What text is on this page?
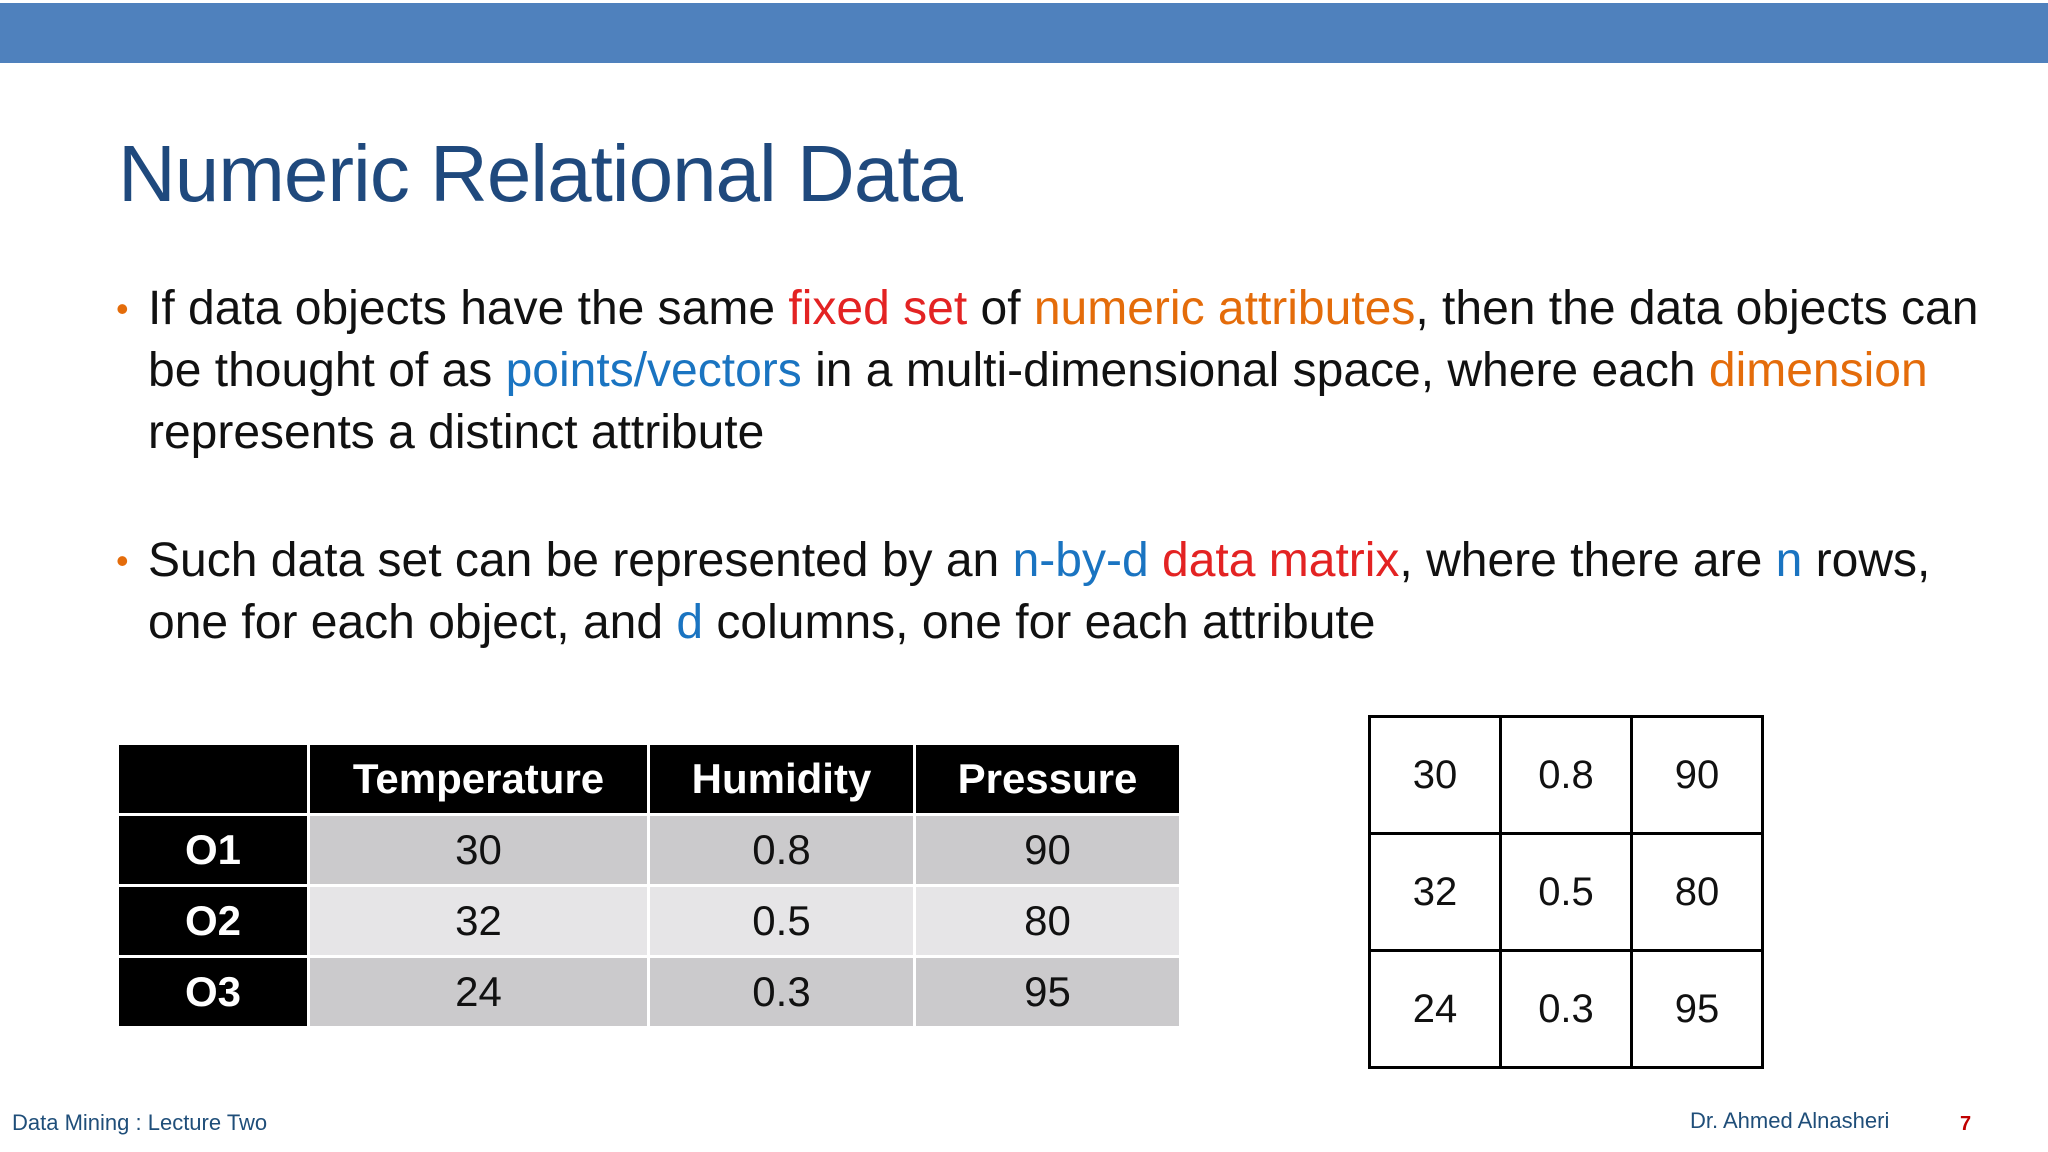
Numeric Relational Data
• If data objects have the same fixed set of numeric attributes, then the data objects can be thought of as points/vectors in a multi-dimensional space, where each dimension represents a distinct attribute
• Such data set can be represented by an n-by-d data matrix, where there are n rows, one for each object, and d columns, one for each attribute
	Temperature	Humidity	Pressure
O1	30	0.8	90
O2	32	0.5	80
O3	24	0.3	95
30	0.8	90
32	0.5	80
24	0.3	95
Data Mining : Lecture Two	Dr. Ahmed Alnasheri	7
